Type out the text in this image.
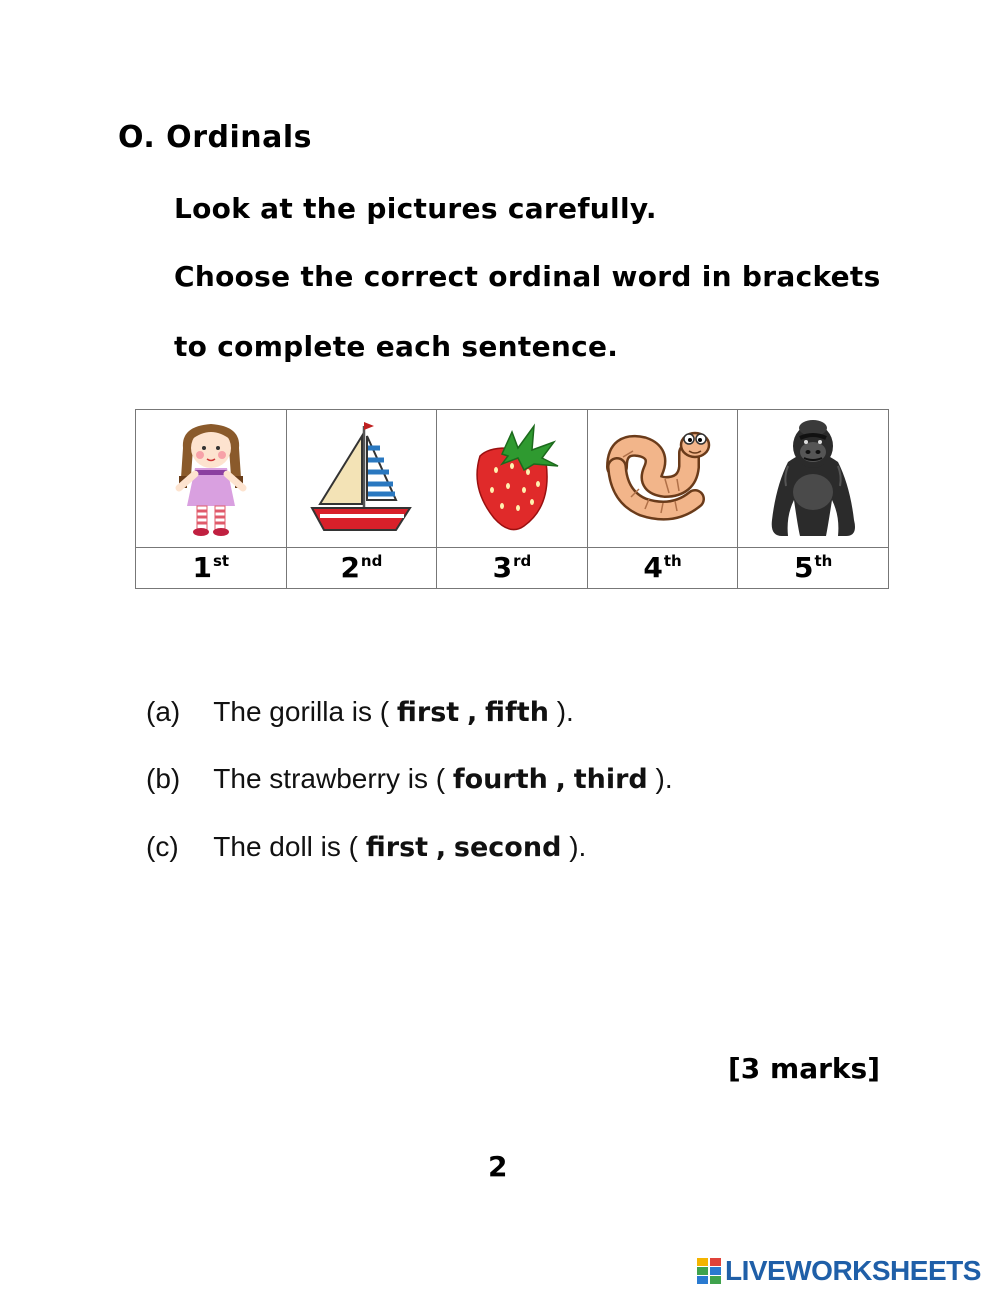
O. Ordinals
Look at the pictures carefully.
Choose the correct ordinal word in brackets
to complete each sentence.

1st	2nd	3rd	4th	5th
(a) The gorilla is ( first , fifth ).
(b) The strawberry is ( fourth , third ).
(c) The doll is ( first , second ).
[3 marks]
2
LIVEWORKSHEETS
